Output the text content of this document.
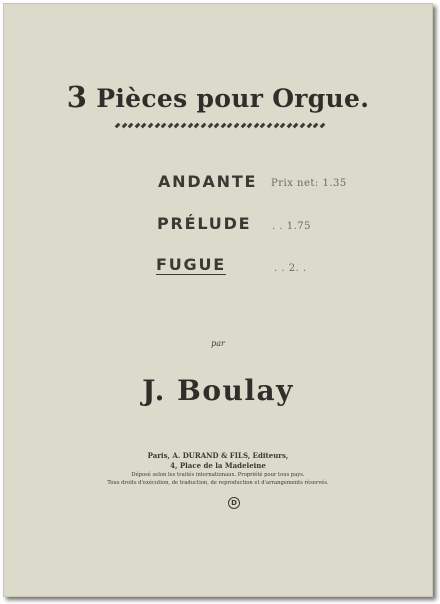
3 Pièces pour Orgue.
ANDANTE Prix net: 1.35
PRÉLUDE . . 1.75
FUGUE	. . 2. .
par
J. Boulay
Paris, A. DURAND & FILS, Editeurs,
4, Place de la Madeleine
Déposé selon les traités internationaux. Propriété pour tous pays.
Tous droits d'exécution, de traduction, de reproduction et d'arrangements réservés.
D
